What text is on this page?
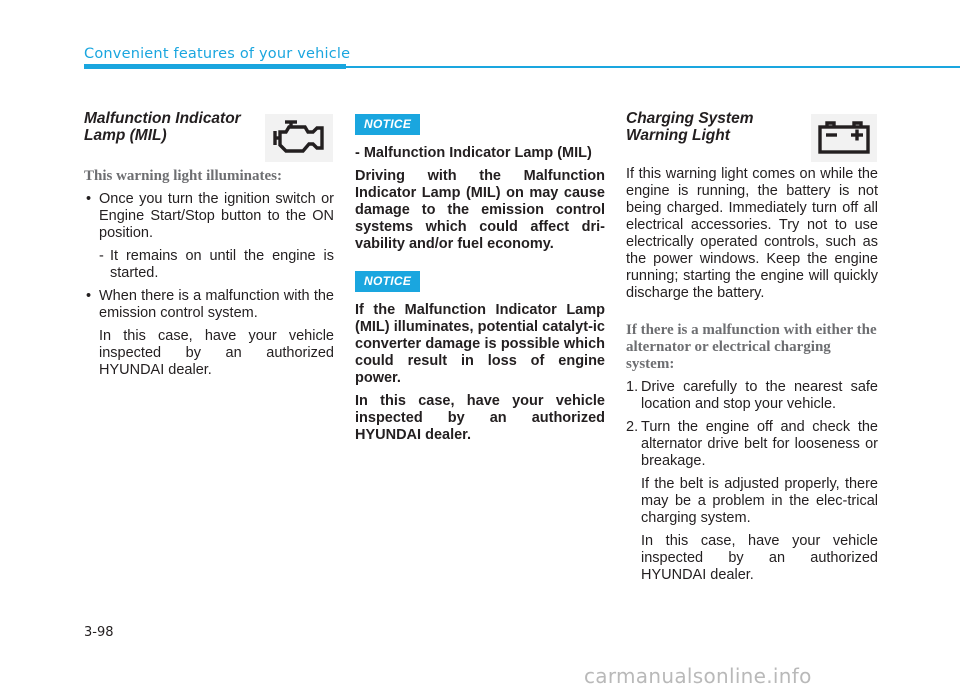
Convenient features of your vehicle
Malfunction Indicator
Lamp (MIL)
This warning light illuminates:
• Once you turn the ignition switch or Engine Start/Stop button to the ON position.
- It remains on until the engine is started.
• When there is a malfunction with the emission control system.
In this case, have your vehicle inspected by an authorized HYUNDAI dealer.
NOTICE
- Malfunction Indicator Lamp (MIL)
Driving with the Malfunction Indicator Lamp (MIL) on may cause damage to the emission control systems which could affect dri-vability and/or fuel economy.
NOTICE
If the Malfunction Indicator Lamp (MIL) illuminates, potential catalyt-ic converter damage is possible which could result in loss of engine power.
In this case, have your vehicle inspected by an authorized HYUNDAI dealer.
Charging System
Warning Light
If this warning light comes on while the engine is running, the battery is not being charged. Immediately turn off all electrical accessories. Try not to use electrically operated controls, such as the power windows. Keep the engine running; starting the engine will quickly discharge the battery.
If there is a malfunction with either the alternator or electrical charging system:
1. Drive carefully to the nearest safe location and stop your vehicle.
2. Turn the engine off and check the alternator drive belt for looseness or breakage.
If the belt is adjusted properly, there may be a problem in the elec-trical charging system.
In this case, have your vehicle inspected by an authorized HYUNDAI dealer.
3-98
carmanualsonline.info
